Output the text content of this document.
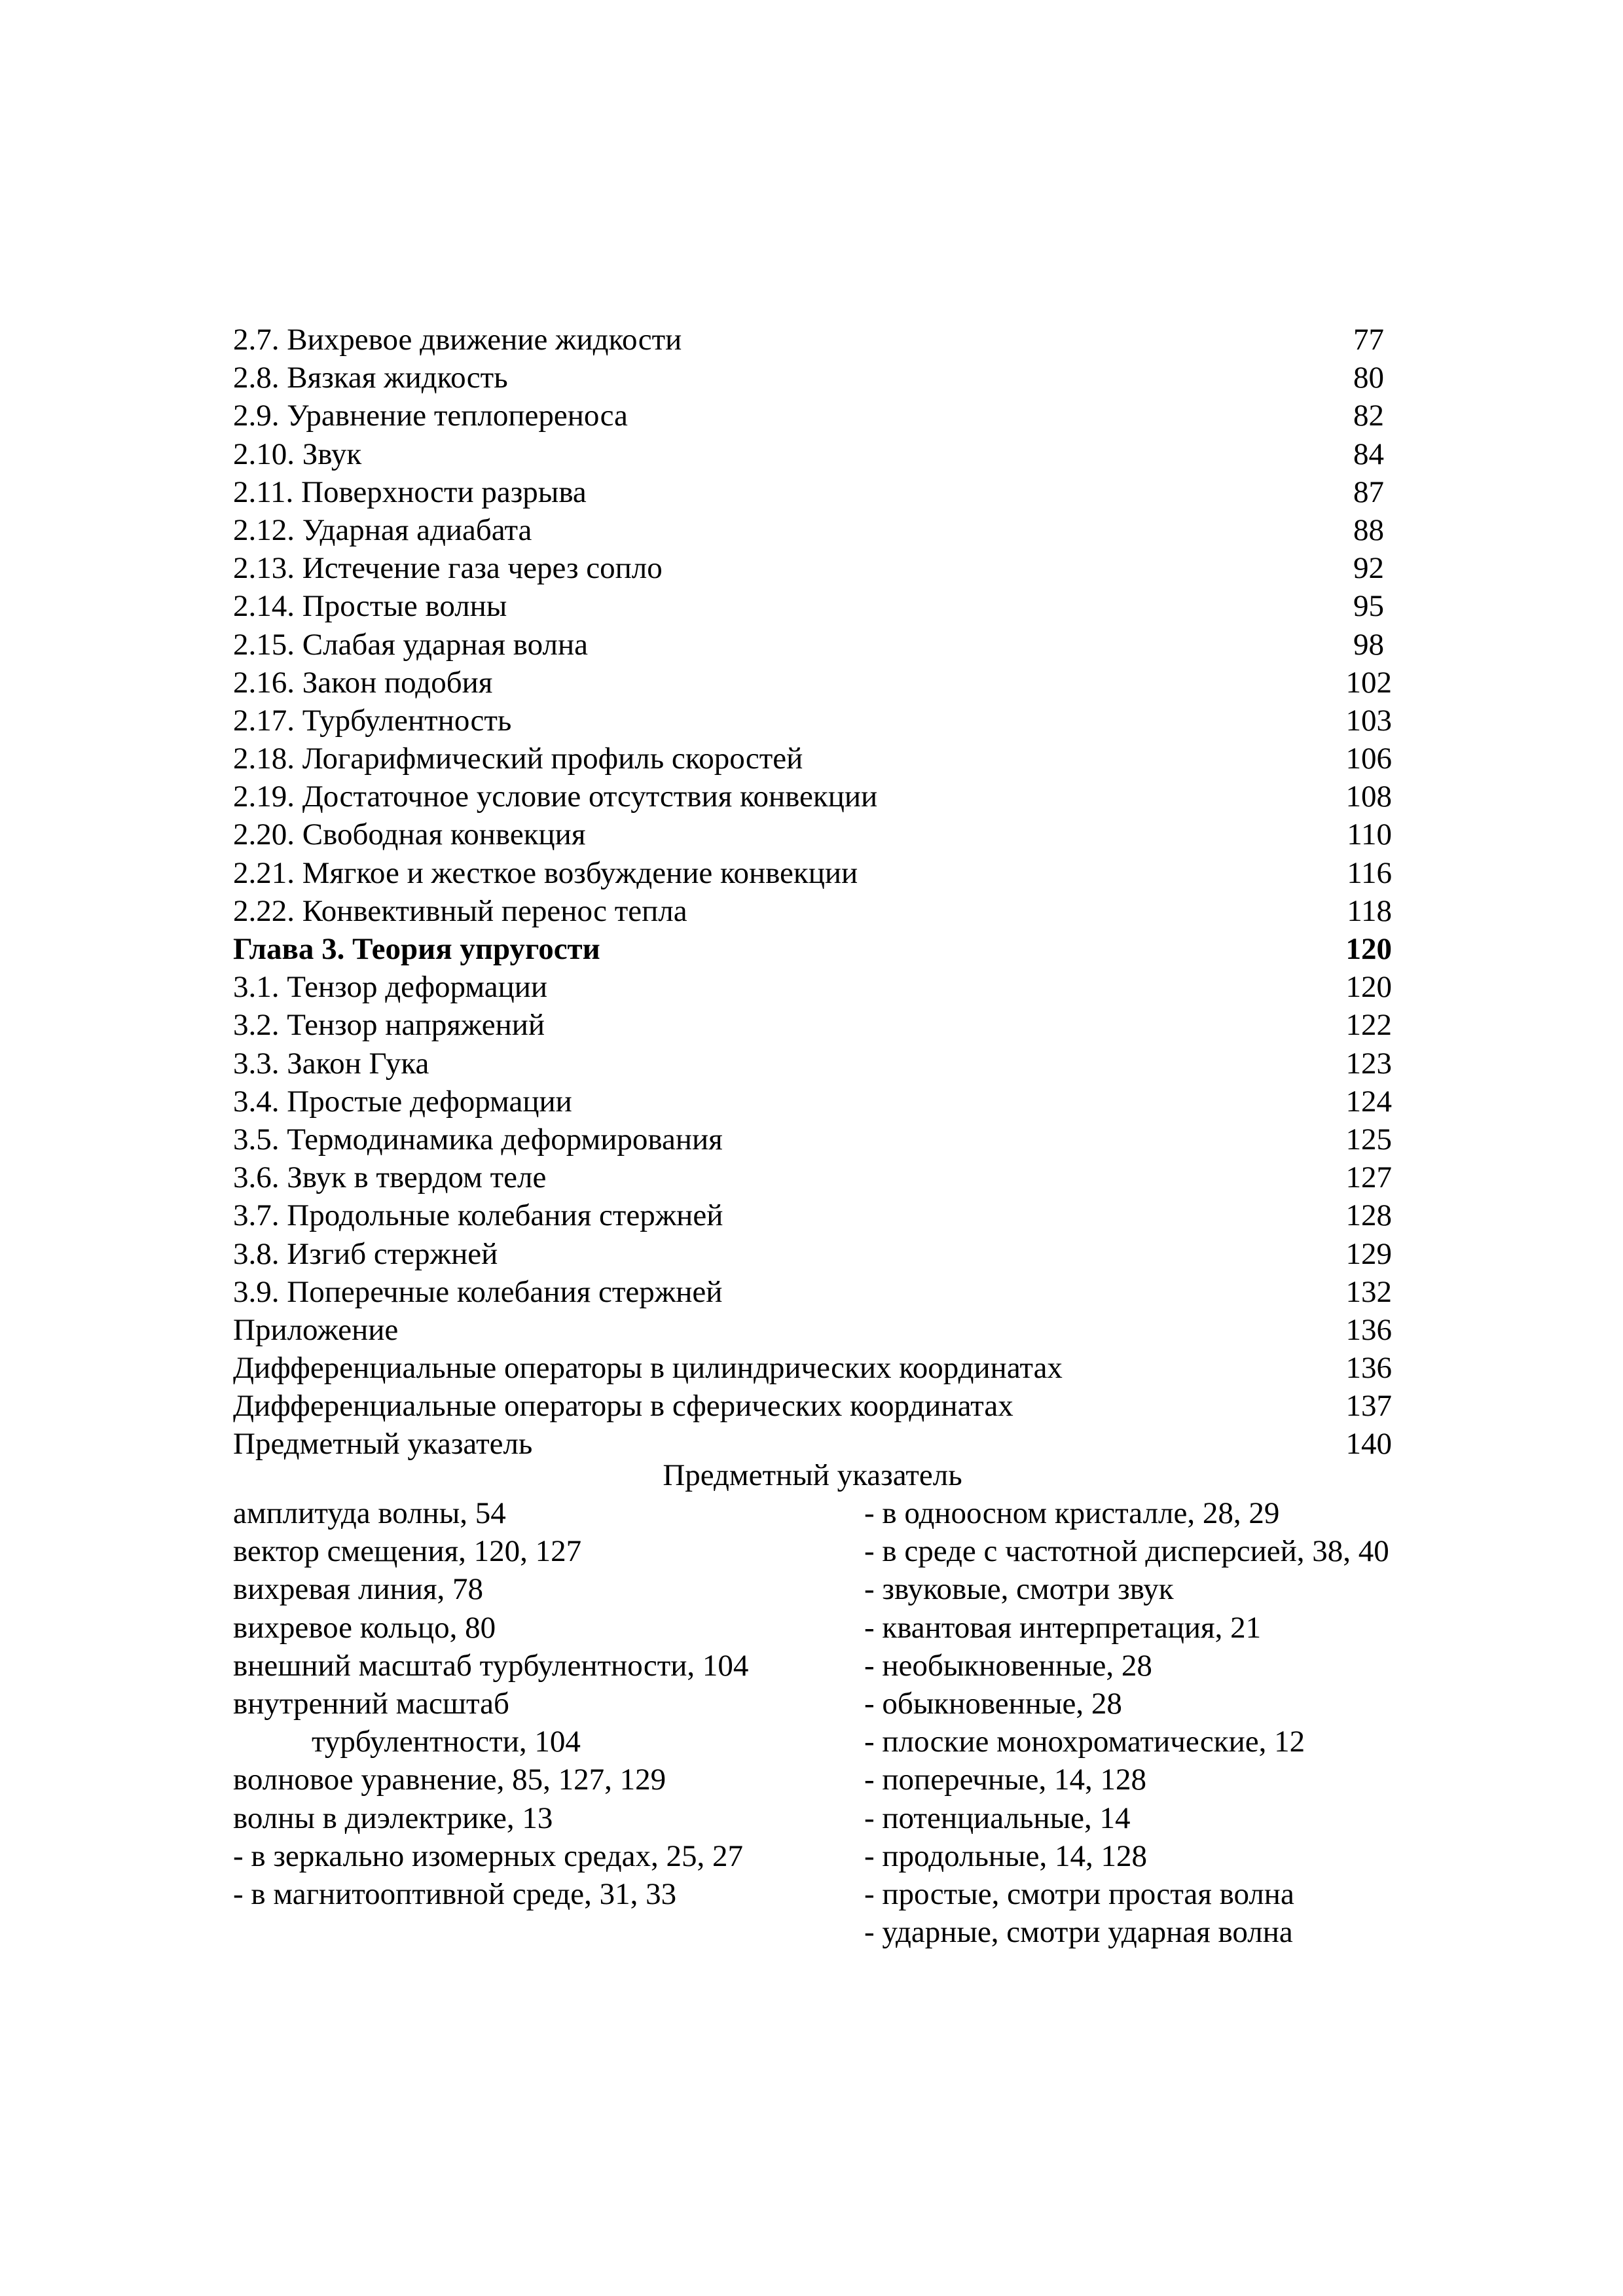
2.7. Вихревое движение жидкости	77
2.8. Вязкая жидкость	80
2.9. Уравнение теплопереноса	82
2.10. Звук	84
2.11. Поверхности разрыва	87
2.12. Ударная адиабата	88
2.13. Истечение газа через сопло	92
2.14. Простые волны	95
2.15. Слабая ударная волна	98
2.16. Закон подобия	102
2.17. Турбулентность	103
2.18. Логарифмический профиль скоростей	106
2.19. Достаточное условие отсутствия конвекции	108
2.20. Свободная конвекция	110
2.21. Мягкое и жесткое возбуждение конвекции	116
2.22. Конвективный перенос тепла	118
Глава 3. Теория упругости	120
3.1. Тензор деформации	120
3.2. Тензор напряжений	122
3.3. Закон Гука	123
3.4. Простые деформации	124
3.5. Термодинамика деформирования	125
3.6. Звук в твердом теле	127
3.7. Продольные колебания стержней	128
3.8. Изгиб стержней	129
3.9. Поперечные колебания стержней	132
Приложение	136
Дифференциальные операторы в цилиндрических координатах	136
Дифференциальные операторы в сферических координатах	137
Предметный указатель	140
Предметный указатель
амплитуда волны, 54
вектор смещения, 120, 127
вихревая линия, 78
вихревое кольцо, 80
внешний масштаб турбулентности, 104
внутренний масштаб турбулентности, 104
волновое уравнение, 85, 127, 129
волны в диэлектрике, 13
- в зеркально изомерных средах, 25, 27
- в магнитооптивной среде, 31, 33
- в одноосном кристалле, 28, 29
- в среде с частотной дисперсией, 38, 40
- звуковые, смотри звук
- квантовая интерпретация, 21
- необыкновенные, 28
- обыкновенные, 28
- плоские монохроматические, 12
- поперечные, 14, 128
- потенциальные, 14
- продольные, 14, 128
- простые, смотри простая волна
- ударные, смотри ударная волна
